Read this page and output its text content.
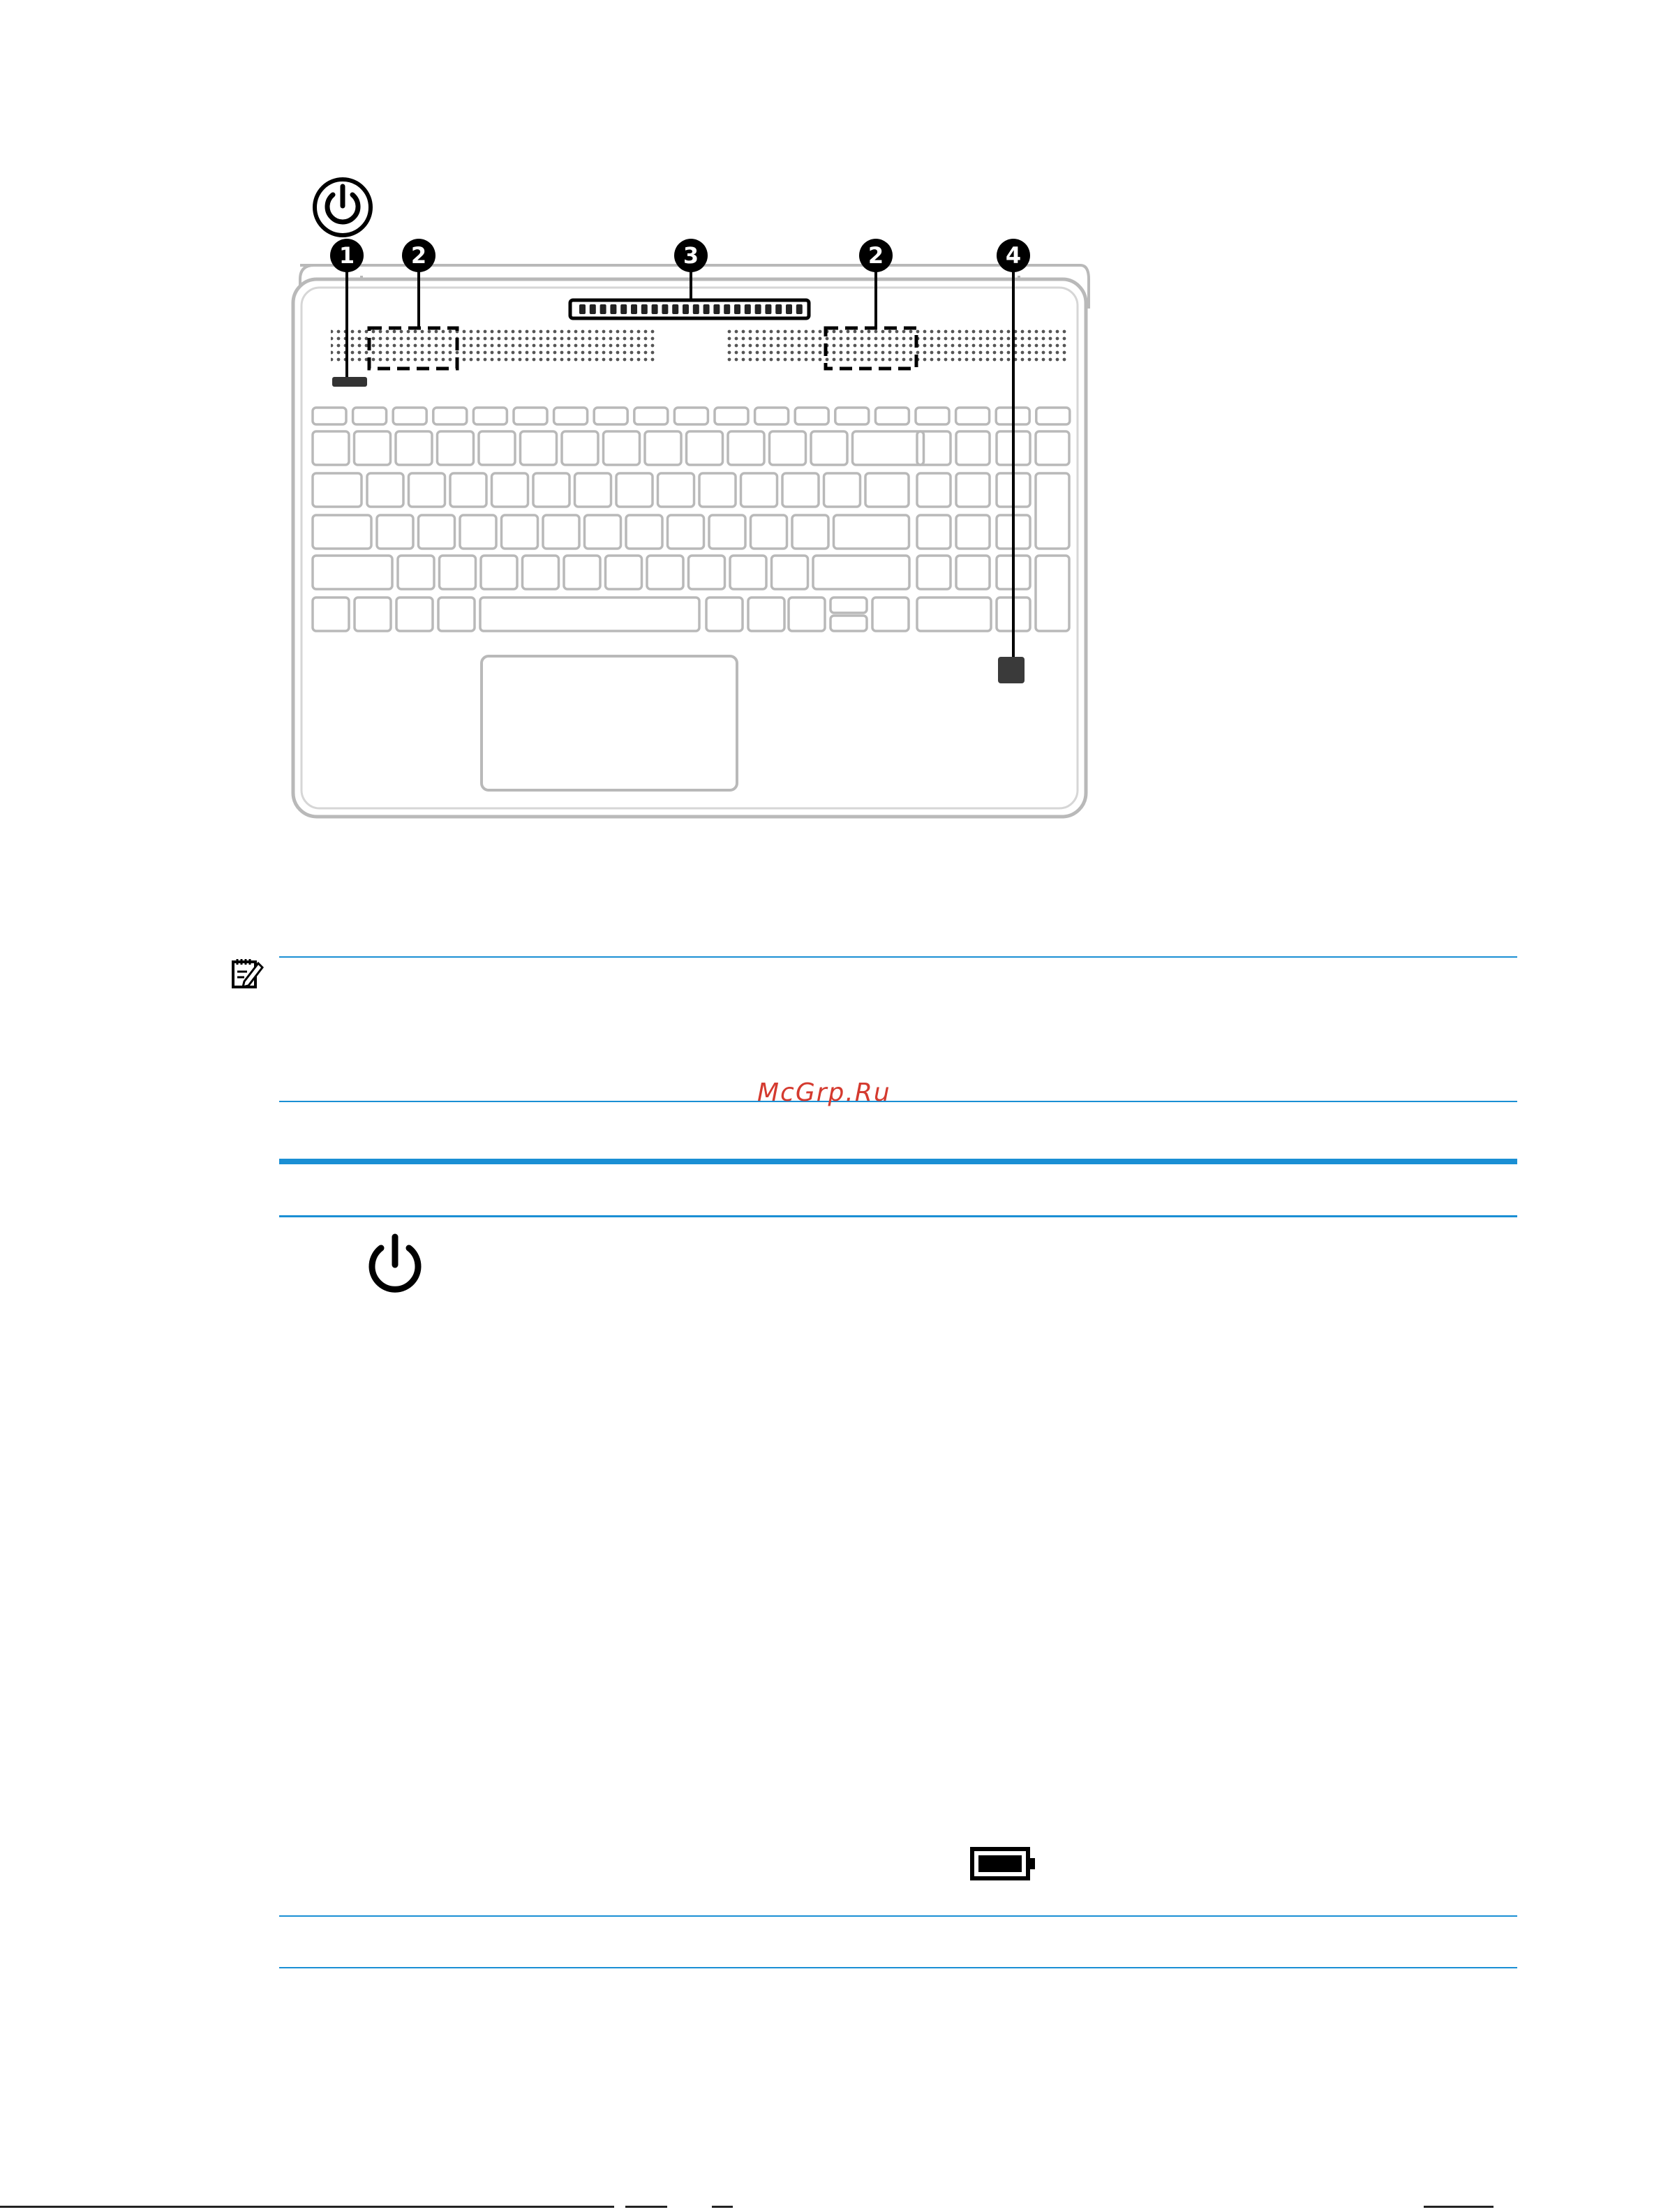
1	2	3	2	4
McGrp.Ru
